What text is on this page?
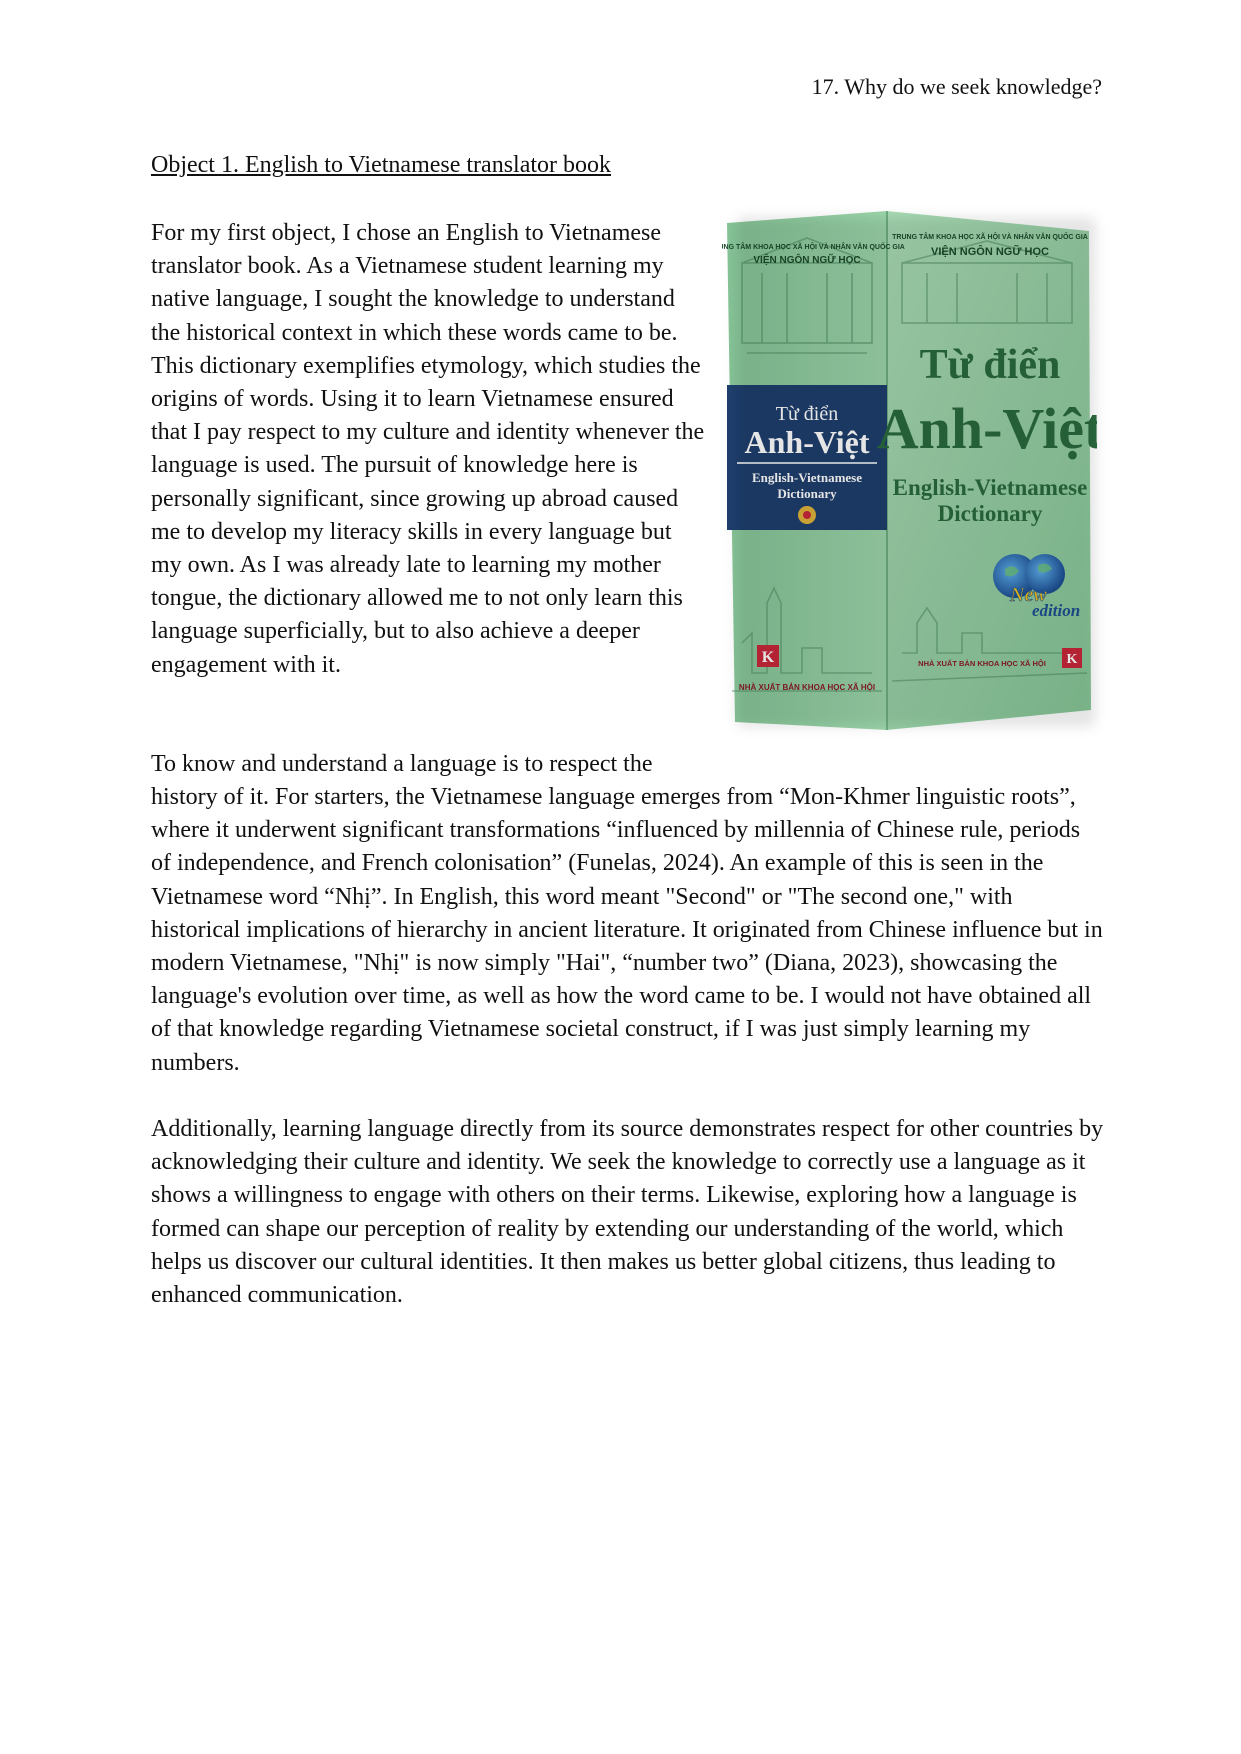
17. Why do we seek knowledge?
Object 1. English to Vietnamese translator book

For my first object, I chose an English to Vietnamese translator book. As a Vietnamese student learning my native language, I sought the knowledge to understand the historical context in which these words came to be. This dictionary exemplifies etymology, which studies the origins of words. Using it to learn Vietnamese ensured that I pay respect to my culture and identity whenever the language is used. The pursuit of knowledge here is personally significant, since growing up abroad caused me to develop my literacy skills in every language but my own. As I was already late to learning my mother tongue, the dictionary allowed me to not only learn this language superficially, but to also achieve a deeper engagement with it.

TRUNG TÂM KHOA HỌC XÃ HỘI VÀ NHÂN VĂN QUỐC GIA
VIỆN NGÔN NGỮ HỌC
Từ điển
Anh-Việt
English-Vietnamese
Dictionary
TRUNG TÂM KHOA HỌC XÃ HỘI VÀ NHÂN VĂN QUỐC GIA
VIỆN NGÔN NGỮ HỌC
Từ điển
Anh-Việt
English-Vietnamese
Dictionary
New
edition
K
NHÀ XUẤT BẢN KHOA HỌC XÃ HỘI
K
NHÀ XUẤT BẢN KHOA HỌC XÃ HỘI

To know and understand a language is to respect the

history of it. For starters, the Vietnamese language emerges from “Mon-Khmer linguistic roots”, where it underwent significant transformations “influenced by millennia of Chinese rule, periods of independence, and French colonisation” (Funelas, 2024). An example of this is seen in the Vietnamese word “Nhị”. In English, this word meant "Second" or "The second one," with historical implications of hierarchy in ancient literature. It originated from Chinese influence but in modern Vietnamese, "Nhị" is now simply "Hai", “number two” (Diana, 2023), showcasing the language's evolution over time, as well as how the word came to be. I would not have obtained all of that knowledge regarding Vietnamese societal construct, if I was just simply learning my numbers.

Additionally, learning language directly from its source demonstrates respect for other countries by acknowledging their culture and identity. We seek the knowledge to correctly use a language as it shows a willingness to engage with others on their terms. Likewise, exploring how a language is formed can shape our perception of reality by extending our understanding of the world, which helps us discover our cultural identities. It then makes us better global citizens, thus leading to enhanced communication.
